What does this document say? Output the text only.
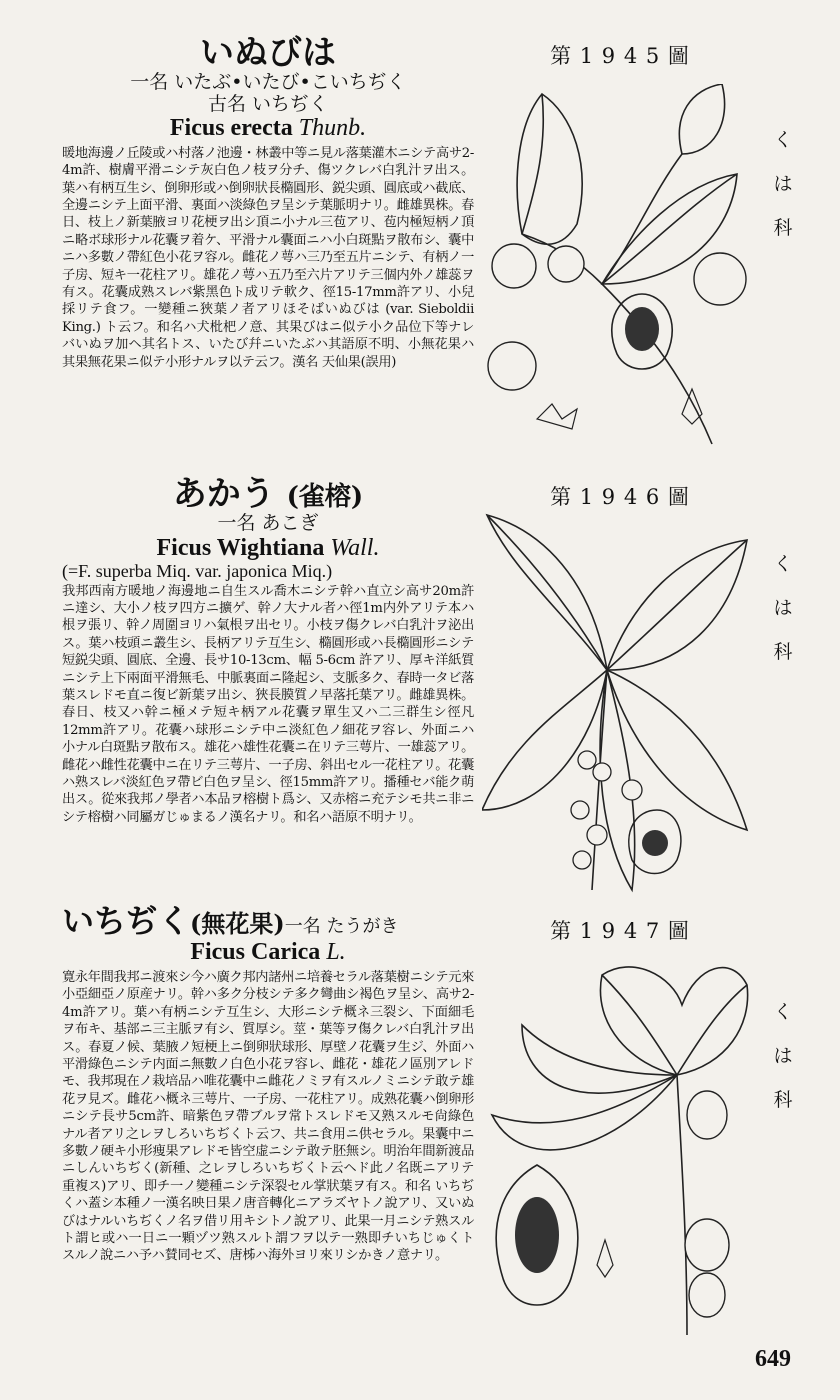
いぬびは
一名 いたぶ•いたび•こいちぢく
古名 いちぢく
Ficus erecta Thunb.
暖地海邊ノ丘陵或ハ村落ノ池邊・林叢中等ニ見ル落葉灌木ニシテ高サ2-4m許、樹膚平滑ニシテ灰白色ノ枝ヲ分チ、傷ツクレバ白乳汁ヲ出ス。葉ハ有柄互生シ、倒卵形或ハ倒卵狀長橢圓形、鋭尖頭、圓底或ハ截底、全邊ニシテ上面平滑、裏面ハ淡綠色ヲ呈シテ葉脈明ナリ。雌雄異株。春日、枝上ノ新葉腋ヨリ花梗ヲ出シ頂ニ小ナル三苞アリ、苞内極短柄ノ頂ニ略ボ球形ナル花囊ヲ着ケ、平滑ナル囊面ニハ小白斑點ヲ散布シ、囊中ニハ多數ノ帶紅色小花ヲ容ル。雌花ノ萼ハ三乃至五片ニシテ、有柄ノ一子房、短キ一花柱アリ。雄花ノ萼ハ五乃至六片アリテ三個内外ノ雄蕊ヲ有ス。花囊成熟スレバ紫黑色ト成リテ軟ク、徑15-17mm許アリ、小兒採リテ食フ。一變種ニ狹葉ノ者アリほそばいぬびは (var. Sieboldii King.) ト云フ。和名ハ犬枇杷ノ意、其果びはニ似テ小ク品位下等ナレバいぬヲ加ヘ其名トス、いたび幷ニいたぶハ其語原不明、小無花果ハ其果無花果ニ似テ小形ナルヲ以テ云フ。漢名 天仙果(誤用)
第 1 9 4 5 圖
く
は
科
あかう (雀榕)
一名 あこぎ
Ficus Wightiana Wall.
(=F. superba Miq. var. japonica Miq.)
我邦西南方暖地ノ海邊地ニ自生スル喬木ニシテ幹ハ直立シ高サ20m許ニ達シ、大小ノ枝ヲ四方ニ擴ゲ、幹ノ大ナル者ハ徑1m内外アリテ本ハ根ヲ張リ、幹ノ周圍ヨリハ氣根ヲ出セリ。小枝ヲ傷クレバ白乳汁ヲ泌出ス。葉ハ枝頭ニ叢生シ、長柄アリテ互生シ、橢圓形或ハ長橢圓形ニシテ短鋭尖頭、圓底、全邊、長サ10-13cm、幅 5-6cm 許アリ、厚キ洋紙質ニシテ上下兩面平滑無毛、中脈裏面ニ隆起シ、支脈多ク、春時一タビ落葉スレドモ直ニ復ビ新葉ヲ出シ、狹長膜質ノ早落托葉アリ。雌雄異株。春日、枝又ハ幹ニ極メテ短キ柄アル花囊ヲ單生又ハ二三群生シ徑凡12mm許アリ。花囊ハ球形ニシテ中ニ淡紅色ノ細花ヲ容レ、外面ニハ小ナル白斑點ヲ散布ス。雄花ハ雄性花囊ニ在リテ三萼片、一雄蕊アリ。雌花ハ雌性花囊中ニ在リテ三萼片、一子房、斜出セル一花柱アリ。花囊ハ熟スレバ淡紅色ヲ帶ビ白色ヲ呈シ、徑15mm許アリ。播種セバ能ク萌出ス。從來我邦ノ學者ハ本品ヲ榕樹ト爲シ、又赤榕ニ充テシモ共ニ非ニシテ榕樹ハ同屬ガじゅまるノ漢名ナリ。和名ハ語原不明ナリ。
第 1 9 4 6 圖
く
は
科
いちぢく(無花果)一名 たうがき
Ficus Carica L.
寛永年間我邦ニ渡來シ今ハ廣ク邦内諸州ニ培養セラル落葉樹ニシテ元來小亞細亞ノ原産ナリ。幹ハ多ク分枝シテ多ク彎曲シ褐色ヲ呈シ、高サ2-4m許アリ。葉ハ有柄ニシテ互生シ、大形ニシテ概ネ三裂シ、下面細毛ヲ布キ、基部ニ三主脈ヲ有シ、質厚シ。莖・葉等ヲ傷クレバ白乳汁ヲ出ス。春夏ノ候、葉腋ノ短梗上ニ倒卵狀球形、厚壁ノ花囊ヲ生ジ、外面ハ平滑綠色ニシテ内面ニ無數ノ白色小花ヲ容レ、雌花・雄花ノ區別アレドモ、我邦現在ノ栽培品ハ唯花囊中ニ雌花ノミヲ有スルノミニシテ敢テ雄花ヲ見ズ。雌花ハ概ネ三萼片、一子房、一花柱アリ。成熟花囊ハ倒卵形ニシテ長サ5cm許、暗紫色ヲ帶ブルヲ常トスレドモ又熟スルモ尙綠色ナル者アリ之レヲしろいちぢくト云フ、共ニ食用ニ供セラル。果囊中ニ多數ノ硬キ小形痩果アレドモ皆空虚ニシテ敢テ胚無シ。明治年間新渡品ニしんいちぢく(新種、之レヲしろいちぢくト云ヘド此ノ名既ニアリテ重複ス)アリ、即チ一ノ變種ニシテ深裂セル掌狀葉ヲ有ス。和名 いちぢくハ蓋シ本種ノ一漢名映日果ノ唐音轉化ニアラズヤトノ說アリ、又いぬびはナルいちぢくノ名ヲ借リ用キシトノ說アリ、此果一月ニシテ熟スルト謂ヒ或ハ一日ニ一顆ヅツ熟スルト謂フヲ以テ一熟即チいちじゅくトスルノ說ニハ予ハ賛同セズ、唐柹ハ海外ヨリ來リシかきノ意ナリ。
第 1 9 4 7 圖
く
は
科
649
